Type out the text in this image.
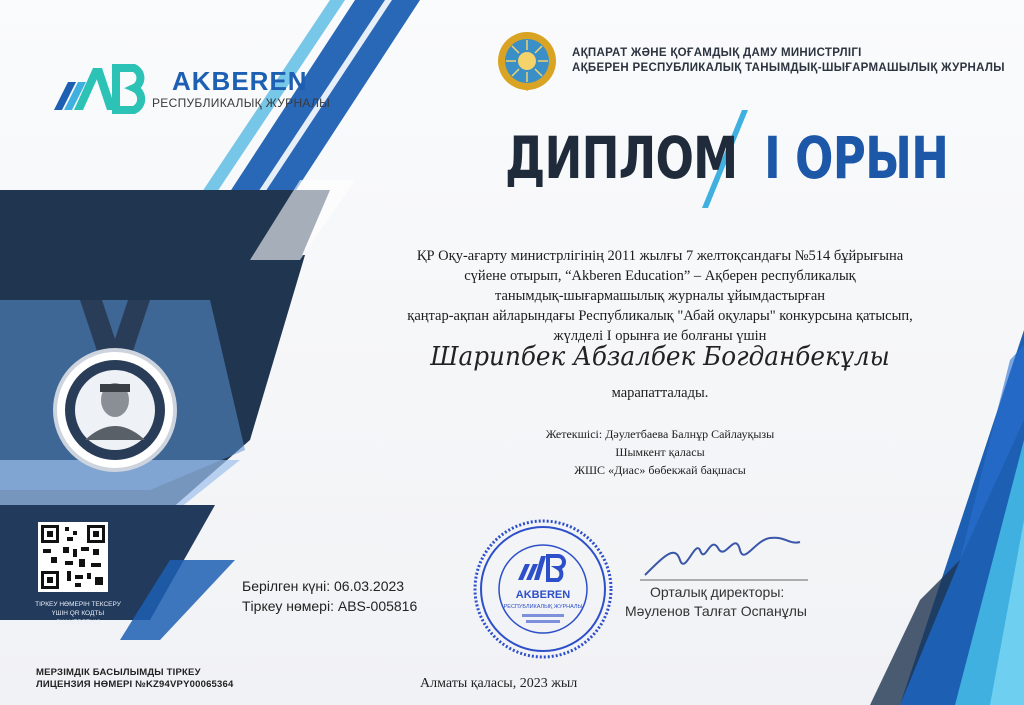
AKBEREN
РЕСПУБЛИКАЛЫҚ ЖУРНАЛЫ
АҚПАРАТ ЖӘНЕ ҚОҒАМДЫҚ ДАМУ МИНИСТРЛІГІ
АҚБЕРЕН РЕСПУБЛИКАЛЫҚ ТАНЫМДЫҚ-ШЫҒАРМАШЫЛЫҚ ЖУРНАЛЫ
ДИПЛОМ І ОРЫН
ҚР Оқу-ағарту министрлігінің 2011 жылғы 7 желтоқсандағы №514 бұйрығына
сүйене отырып, “Akberen Education” – Ақберен республикалық
танымдық-шығармашылық журналы ұйымдастырған
қаңтар-ақпан айларындағы Республикалық "Абай оқулары" конкурсына қатысып,
жүлделі І орынға ие болғаны үшін
Шарипбек Абзалбек Богданбекұлы
марапатталады.
Жетекшісі: Дәулетбаева Балнұр Сайлауқызы
Шымкент қаласы
ЖШС «Диас» бөбекжай бақшасы
Берілген күні: 06.03.2023
Тіркеу нөмері: ABS-005816
AKBEREN
РЕСПУБЛИКАЛЫҚ ЖУРНАЛЫ
Орталық директоры:
Мәуленов Талғат Оспанұлы
ТІРКЕУ НӨМЕРІН ТЕКСЕРУ ҮШІН QR КОДТЫ СКАНЕРЛЕҢІЗ
МЕРЗІМДІК БАСЫЛЫМДЫ ТІРКЕУ
ЛИЦЕНЗИЯ НӨМЕРІ №KZ94VPY00065364	Алматы қаласы, 2023 жыл
